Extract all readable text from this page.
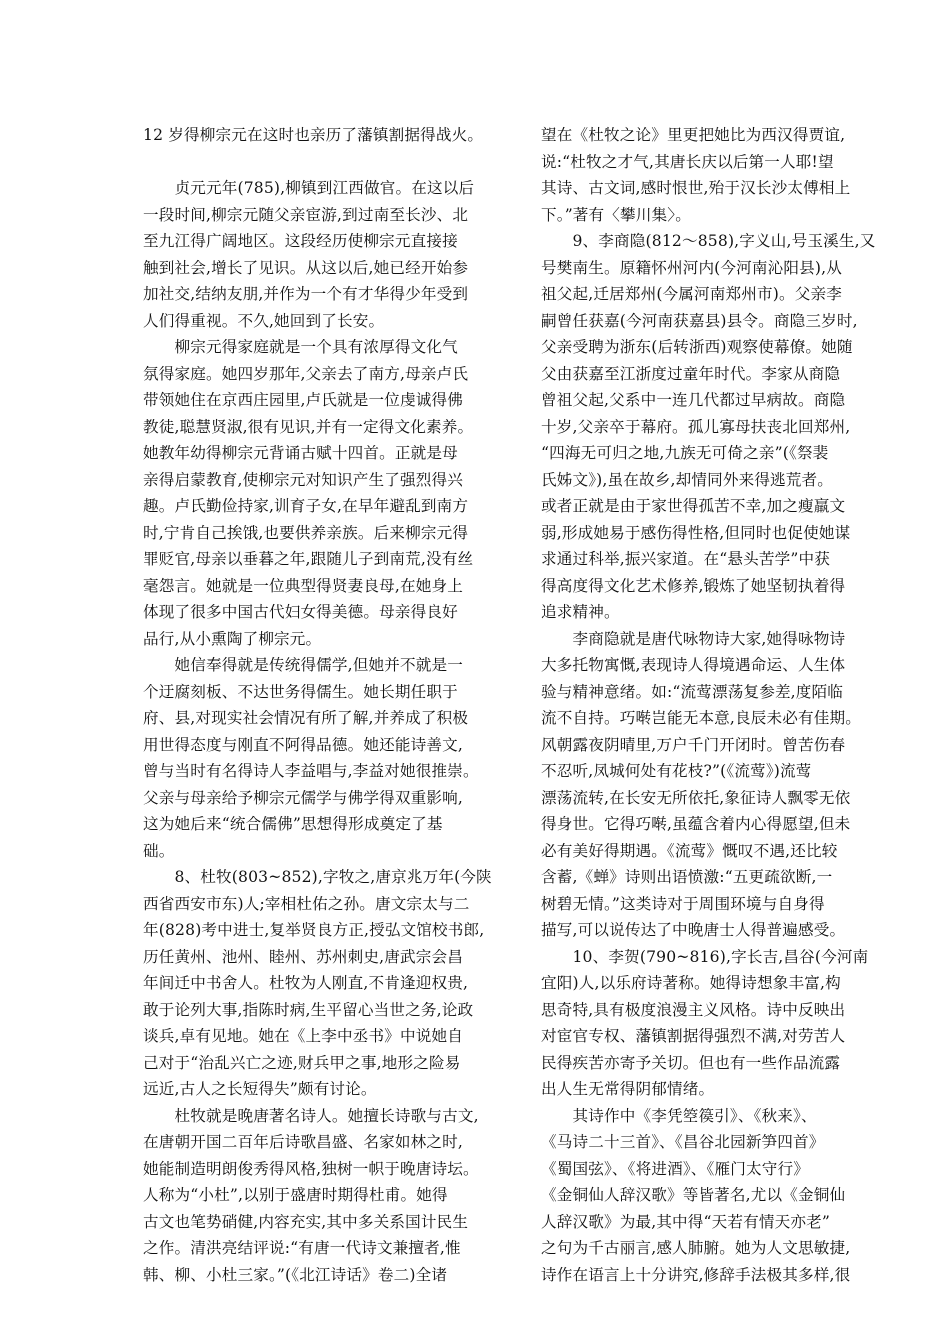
12 岁得柳宗元在这时也亲历了藩镇割据得战火。
　　贞元元年(785),柳镇到江西做官。在这以后
一段时间,柳宗元随父亲宦游,到过南至长沙、北
至九江得广阔地区。这段经历使柳宗元直接接
触到社会,增长了见识。从这以后,她已经开始参
加社交,结纳友朋,并作为一个有才华得少年受到
人们得重视。不久,她回到了长安。
　　柳宗元得家庭就是一个具有浓厚得文化气
氛得家庭。她四岁那年,父亲去了南方,母亲卢氏
带领她住在京西庄园里,卢氏就是一位虔诚得佛
教徒,聪慧贤淑,很有见识,并有一定得文化素养。
她教年幼得柳宗元背诵古赋十四首。正就是母
亲得启蒙教育,使柳宗元对知识产生了强烈得兴
趣。卢氏勤俭持家,训育子女,在早年避乱到南方
时,宁肯自己挨饿,也要供养亲族。后来柳宗元得
罪贬官,母亲以垂暮之年,跟随儿子到南荒,没有丝
毫怨言。她就是一位典型得贤妻良母,在她身上
体现了很多中国古代妇女得美德。母亲得良好
品行,从小熏陶了柳宗元。
　　她信奉得就是传统得儒学,但她并不就是一
个迂腐刻板、不达世务得儒生。她长期任职于
府、县,对现实社会情况有所了解,并养成了积极
用世得态度与刚直不阿得品德。她还能诗善文,
曾与当时有名得诗人李益唱与,李益对她很推崇。
父亲与母亲给予柳宗元儒学与佛学得双重影响,
这为她后来“统合儒佛”思想得形成奠定了基
础。
　　8、杜牧(803~852),字牧之,唐京兆万年(今陕
西省西安市东)人;宰相杜佑之孙。唐文宗太与二
年(828)考中进士,复举贤良方正,授弘文馆校书郎,
历任黄州、池州、睦州、苏州刺史,唐武宗会昌
年间迁中书舍人。杜牧为人刚直,不肯逢迎权贵,
敢于论列大事,指陈时病,生平留心当世之务,论政
谈兵,卓有见地。她在《上李中丞书》中说她自
己对于“治乱兴亡之迹,财兵甲之事,地形之险易
远近,古人之长短得失”颇有讨论。
　　杜牧就是晚唐著名诗人。她擅长诗歌与古文,
在唐朝开国二百年后诗歌昌盛、名家如林之时,
她能制造明朗俊秀得风格,独树一帜于晚唐诗坛。
人称为“小杜”,以别于盛唐时期得杜甫。她得
古文也笔势硝健,内容充实,其中多关系国计民生
之作。清洪亮结评说:“有唐一代诗文兼擅者,惟
韩、柳、小杜三家。”(《北江诗话》卷二)全诸
望在《杜牧之论》里更把她比为西汉得贾谊,
说:“杜牧之才气,其唐长庆以后第一人耶!望
其诗、古文词,感时恨世,殆于汉长沙太傅相上
下。”著有〈攀川集〉。
　　9、李商隐(812～858),字义山,号玉溪生,又
号樊南生。原籍怀州河内(今河南沁阳县),从
祖父起,迁居郑州(今属河南郑州市)。父亲李
嗣曾任获嘉(今河南获嘉县)县令。商隐三岁时,
父亲受聘为浙东(后转浙西)观察使幕僚。她随
父由获嘉至江浙度过童年时代。李家从商隐
曾祖父起,父系中一连几代都过早病故。商隐
十岁,父亲卒于幕府。孤儿寡母扶丧北回郑州,
“四海无可归之地,九族无可倚之亲”(《祭裴
氏姊文》),虽在故乡,却情同外来得逃荒者。
或者正就是由于家世得孤苦不幸,加之瘦羸文
弱,形成她易于感伤得性格,但同时也促使她谋
求通过科举,振兴家道。在“悬头苦学”中获
得高度得文化艺术修养,锻炼了她坚韧执着得
追求精神。
　　李商隐就是唐代咏物诗大家,她得咏物诗
大多托物寓慨,表现诗人得境遇命运、人生体
验与精神意绪。如:“流莺漂荡复参差,度陌临
流不自持。巧啭岂能无本意,良辰未必有佳期。
风朝露夜阴晴里,万户千门开闭时。曾苦伤春
不忍听,凤城何处有花枝?”(《流莺》)流莺
漂荡流转,在长安无所依托,象征诗人飘零无依
得身世。它得巧啭,虽蕴含着内心得愿望,但未
必有美好得期遇。《流莺》慨叹不遇,还比较
含蓄,《蝉》诗则出语愤激:“五更疏欲断,一
树碧无情。”这类诗对于周围环境与自身得
描写,可以说传达了中晚唐士人得普遍感受。
　　10、李贺(790~816),字长吉,昌谷(今河南
宜阳)人,以乐府诗著称。她得诗想象丰富,构
思奇特,具有极度浪漫主义风格。诗中反映出
对宦官专权、藩镇割据得强烈不满,对劳苦人
民得疾苦亦寄予关切。但也有一些作品流露
出人生无常得阴郁情绪。
　　其诗作中《李凭箜篌引》、《秋来》、
《马诗二十三首》、《昌谷北园新笋四首》
《蜀国弦》、《将进酒》、《雁门太守行》
《金铜仙人辞汉歌》等皆著名,尤以《金铜仙
人辞汉歌》为最,其中得“天若有情天亦老”
之句为千古丽言,感人肺腑。她为人文思敏捷,
诗作在语言上十分讲究,修辞手法极其多样,很
